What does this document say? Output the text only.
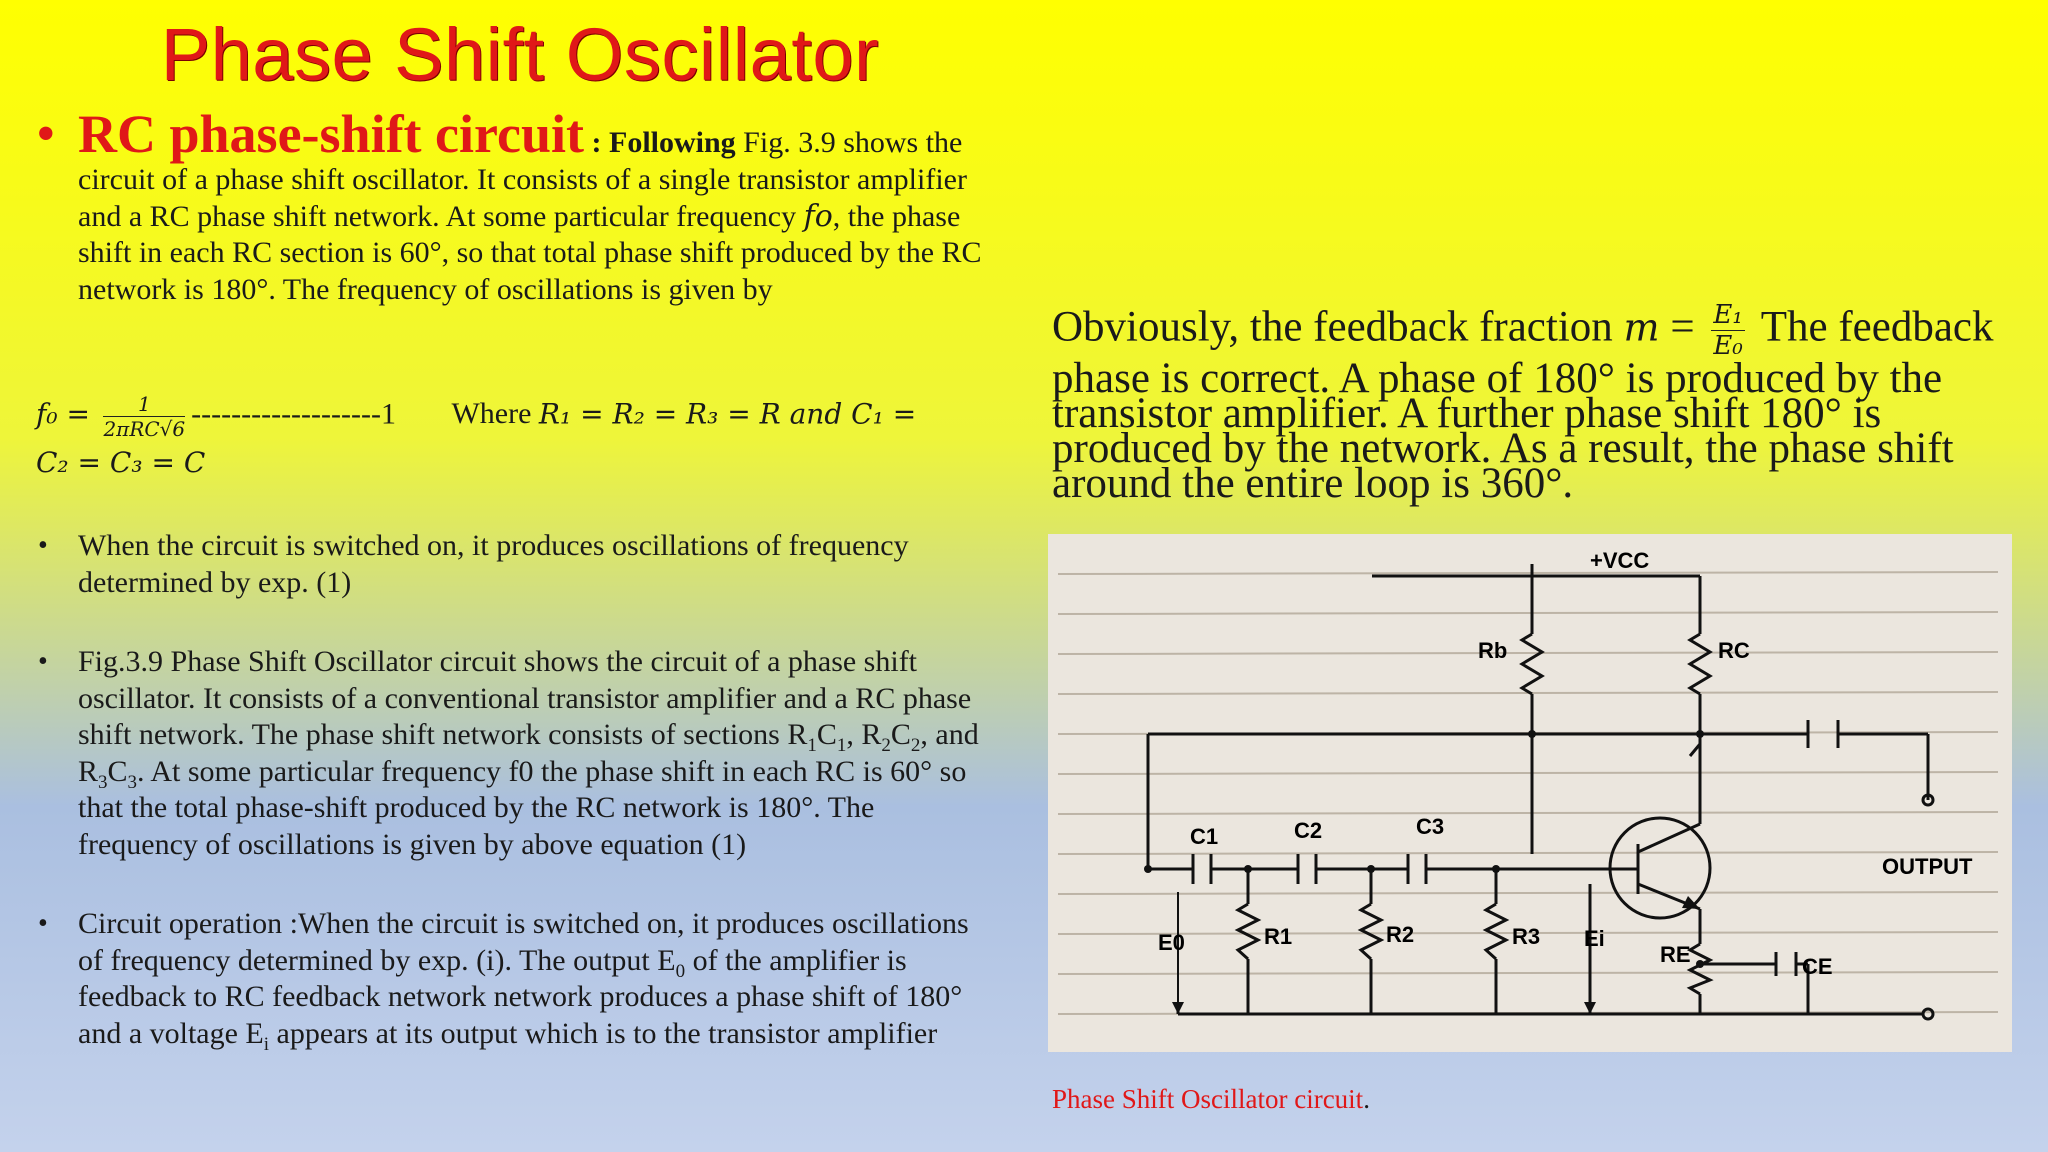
Phase Shift Oscillator
• RC phase-shift circuit : Following Fig. 3.9 shows the circuit of a phase shift oscillator. It consists of a single transistor amplifier and a RC phase shift network. At some particular frequency fo, the phase shift in each RC section is 60°, so that total phase shift produced by the RC network is 180°. The frequency of oscillations is given by
$f_0 = \frac{1}{\text{2πRC√6}} -------------------1$ Where R₁ = R₂ = R₃ = R and C₁ =
C₂ = C₃ = C
• When the circuit is switched on, it produces oscillations of frequency determined by exp. (1)
• Fig.3.9 Phase Shift Oscillator circuit shows the circuit of a phase shift oscillator. It consists of a conventional transistor amplifier and a RC phase shift network. The phase shift network consists of sections $R_1C_1$, $R_2C_2$, and $R_3C_3$. At some particular frequency f0 the phase shift in each RC is 60° so that the total phase-shift produced by the RC network is 180°. The frequency of oscillations is given by above equation (1)
• Circuit operation :When the circuit is switched on, it produces oscillations of frequency determined by exp. (i). The output $E_0$ of the amplifier is feedback to RC feedback network network produces a phase shift of 180° and a voltage $E_i$ appears at its output which is to the transistor amplifier
Obviously, the feedback fraction $m = \frac{\text{E₁}}{\text{E₀}}$ The feedback phase is correct. A phase of 180° is produced by the transistor amplifier. A further phase shift 180° is produced by the network. As a result, the phase shift around the entire loop is 360°.
+VCC
Rb	RC
C1	C2	C3
R1	R2	R3
E0	Ei
RE	CE
OUTPUT
Phase Shift Oscillator circuit.
